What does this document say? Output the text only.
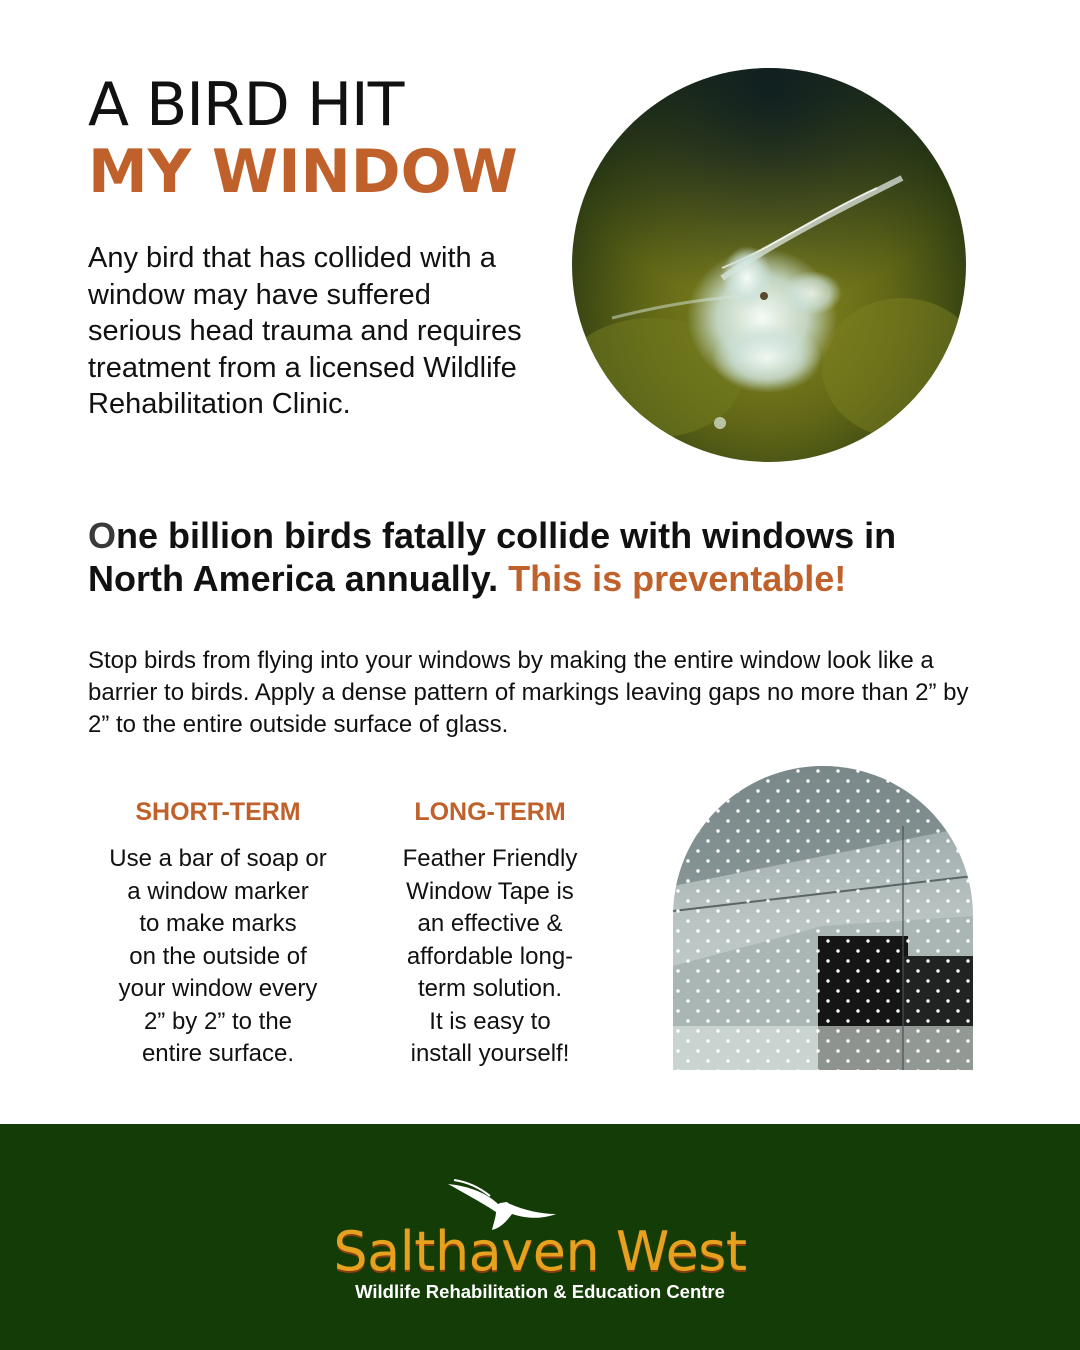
A BIRD HIT
MY WINDOW
Any bird that has collided with a window may have suffered serious head trauma and requires treatment from a licensed Wildlife Rehabilitation Clinic.
One billion birds fatally collide with windows in North America annually. This is preventable!
Stop birds from flying into your windows by making the entire window look like a barrier to birds. Apply a dense pattern of markings leaving gaps no more than 2” by 2” to the entire outside surface of glass.
SHORT-TERM
Use a bar of soap or
a window marker
to make marks
on the outside of
your window every
2” by 2” to the
entire surface.
LONG-TERM
Feather Friendly
Window Tape is
an effective &
affordable long-
term solution.
It is easy to
install yourself!
Salthaven West
Wildlife Rehabilitation & Education Centre
